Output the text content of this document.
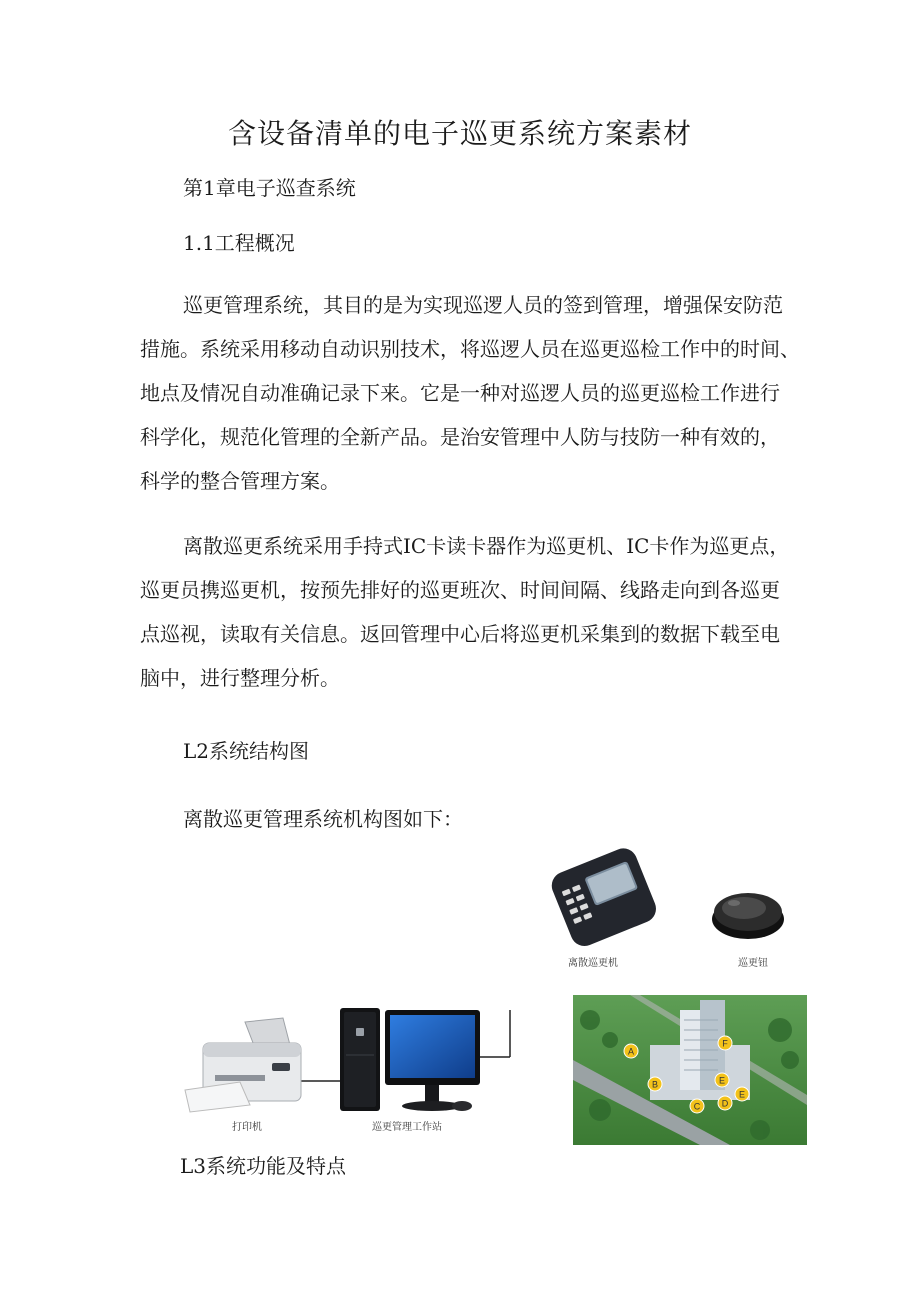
含设备清单的电子巡更系统方案素材
第1章电子巡查系统
1.1工程概况
巡更管理系统，其目的是为实现巡逻人员的签到管理，增强保安防范
措施。系统采用移动自动识别技术，将巡逻人员在巡更巡检工作中的时间、
地点及情况自动准确记录下来。它是一种对巡逻人员的巡更巡检工作进行
科学化，规范化管理的全新产品。是治安管理中人防与技防一种有效的，
科学的整合管理方案。
离散巡更系统采用手持式IC卡读卡器作为巡更机、IC卡作为巡更点，
巡更员携巡更机，按预先排好的巡更班次、时间间隔、线路走向到各巡更
点巡视，读取有关信息。返回管理中心后将巡更机采集到的数据下载至电
脑中，进行整理分析。
L2系统结构图
离散巡更管理系统机构图如下：
A
F
B	E
C D
E
离散巡更机	巡更钮
打印机	巡更管理工作站
L3系统功能及特点
